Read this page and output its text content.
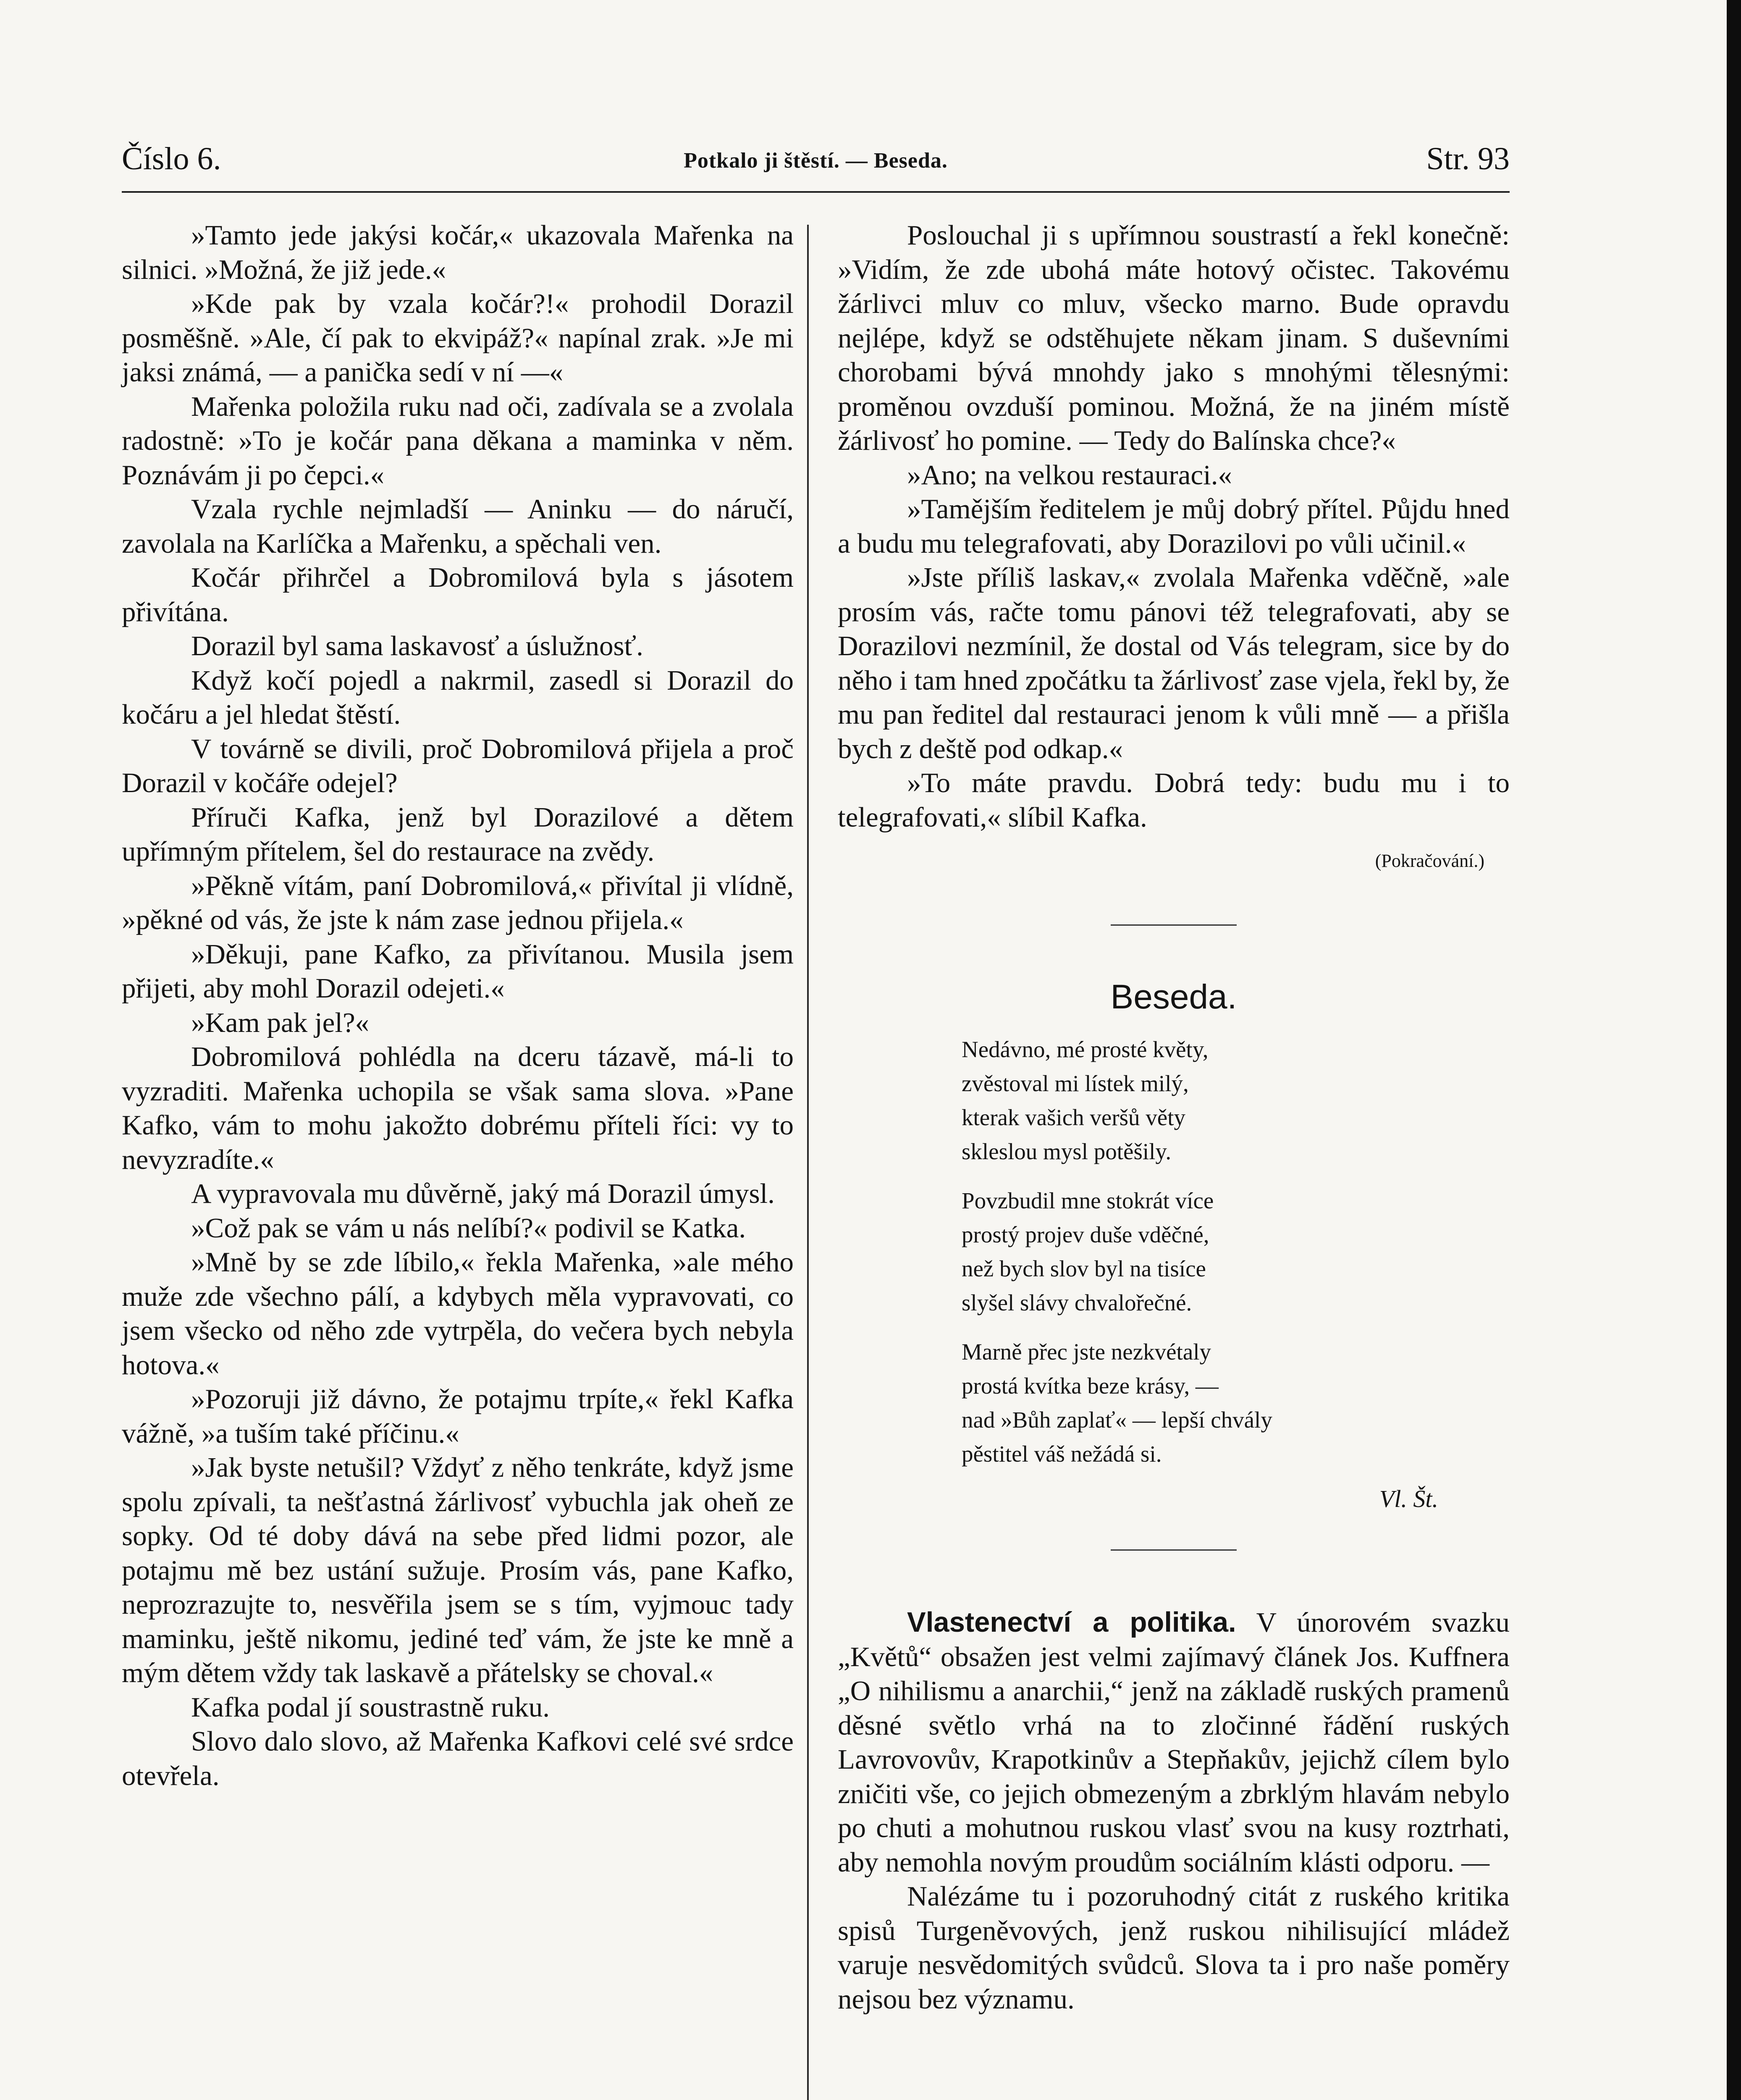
Číslo 6.	Potkalo ji štěstí. — Beseda.	Str. 93

»Tamto jede jakýsi kočár,« ukazovala Mařenka na silnici. »Možná, že již jede.«

»Kde pak by vzala kočár?!« prohodil Dorazil posměšně. »Ale, čí pak to ekvipáž?« napínal zrak. »Je mi jaksi známá, — a panička sedí v ní —«

Mařenka položila ruku nad oči, zadívala se a zvolala radostně: »To je kočár pana děkana a maminka v něm. Poznávám ji po čepci.«

Vzala rychle nejmladší — Aninku — do náručí, zavolala na Karlíčka a Mařenku, a spěchali ven.

Kočár přihrčel a Dobromilová byla s jásotem přivítána.

Dorazil byl sama laskavosť a úslužnosť.

Když kočí pojedl a nakrmil, zasedl si Dorazil do kočáru a jel hledat štěstí.

V továrně se divili, proč Dobromilová přijela a proč Dorazil v kočáře odejel?

Příruči Kafka, jenž byl Dorazilové a dětem upřímným přítelem, šel do restaurace na zvědy.

»Pěkně vítám, paní Dobromilová,« přivítal ji vlídně, »pěkné od vás, že jste k nám zase jednou přijela.«

»Děkuji, pane Kafko, za přivítanou. Musila jsem přijeti, aby mohl Dorazil odejeti.«

»Kam pak jel?«

Dobromilová pohlédla na dceru tázavě, má-li to vyzraditi. Mařenka uchopila se však sama slova. »Pane Kafko, vám to mohu jakožto dobrému příteli říci: vy to nevyzradíte.«

A vypravovala mu důvěrně, jaký má Dorazil úmysl.

»Což pak se vám u nás nelíbí?« podivil se Katka.

»Mně by se zde líbilo,« řekla Mařenka, »ale mého muže zde všechno pálí, a kdybych měla vypravovati, co jsem všecko od něho zde vytrpěla, do večera bych nebyla hotova.«

»Pozoruji již dávno, že potajmu trpíte,« řekl Kafka vážně, »a tuším také příčinu.«

»Jak byste netušil? Vždyť z něho tenkráte, když jsme spolu zpívali, ta nešťastná žárlivosť vybuchla jak oheň ze sopky. Od té doby dává na sebe před lidmi pozor, ale potajmu mě bez ustání sužuje. Prosím vás, pane Kafko, neprozrazujte to, nesvěřila jsem se s tím, vyjmouc tady maminku, ještě nikomu, jediné teď vám, že jste ke mně a mým dětem vždy tak laskavě a přátelsky se choval.«

Kafka podal jí soustrastně ruku.

Slovo dalo slovo, až Mařenka Kafkovi celé své srdce otevřela.

Poslouchal ji s upřímnou soustrastí a řekl konečně: »Vidím, že zde ubohá máte hotový očistec. Takovému žárlivci mluv co mluv, všecko marno. Bude opravdu nejlépe, když se odstěhujete někam jinam. S duševními chorobami bývá mnohdy jako s mnohými tělesnými: proměnou ovzduší pominou. Možná, že na jiném místě žárlivosť ho pomine. — Tedy do Balínska chce?«

»Ano; na velkou restauraci.«

»Tamějším ředitelem je můj dobrý přítel. Půjdu hned a budu mu telegrafovati, aby Dorazilovi po vůli učinil.«

»Jste příliš laskav,« zvolala Mařenka vděčně, »ale prosím vás, račte tomu pánovi též telegrafovati, aby se Dorazilovi nezmínil, že dostal od Vás telegram, sice by do něho i tam hned zpočátku ta žárlivosť zase vjela, řekl by, že mu pan ředitel dal restauraci jenom k vůli mně — a přišla bych z deště pod odkap.«

»To máte pravdu. Dobrá tedy: budu mu i to telegrafovati,« slíbil Kafka.

(Pokračování.)
Beseda.
Nedávno, mé prosté květy,
zvěstoval mi lístek milý,
kterak vašich veršů věty
skleslou mysl potěšily.
Povzbudil mne stokrát více
prostý projev duše vděčné,
než bych slov byl na tisíce
slyšel slávy chvalořečné.
Marně přec jste nezkvétaly
prostá kvítka beze krásy, —
nad »Bůh zaplať« — lepší chvály
pěstitel váš nežádá si.
Vl. Št.

Vlastenectví a politika. V únorovém svazku „Květů“ obsažen jest velmi zajímavý článek Jos. Kuffnera „O nihilismu a anarchii,“ jenž na základě ruských pramenů děsné světlo vrhá na to zločinné řádění ruských Lavrovovův, Krapotkinův a Stepňakův, jejichž cílem bylo zničiti vše, co jejich obmezeným a zbrklým hlavám nebylo po chuti a mohutnou ruskou vlasť svou na kusy roztrhati, aby nemohla novým proudům sociálním klásti odporu. —

Nalézáme tu i pozoruhodný citát z ruského kritika spisů Turgeněvových, jenž ruskou nihilisující mládež varuje nesvědomitých svůdců. Slova ta i pro naše poměry nejsou bez významu.
